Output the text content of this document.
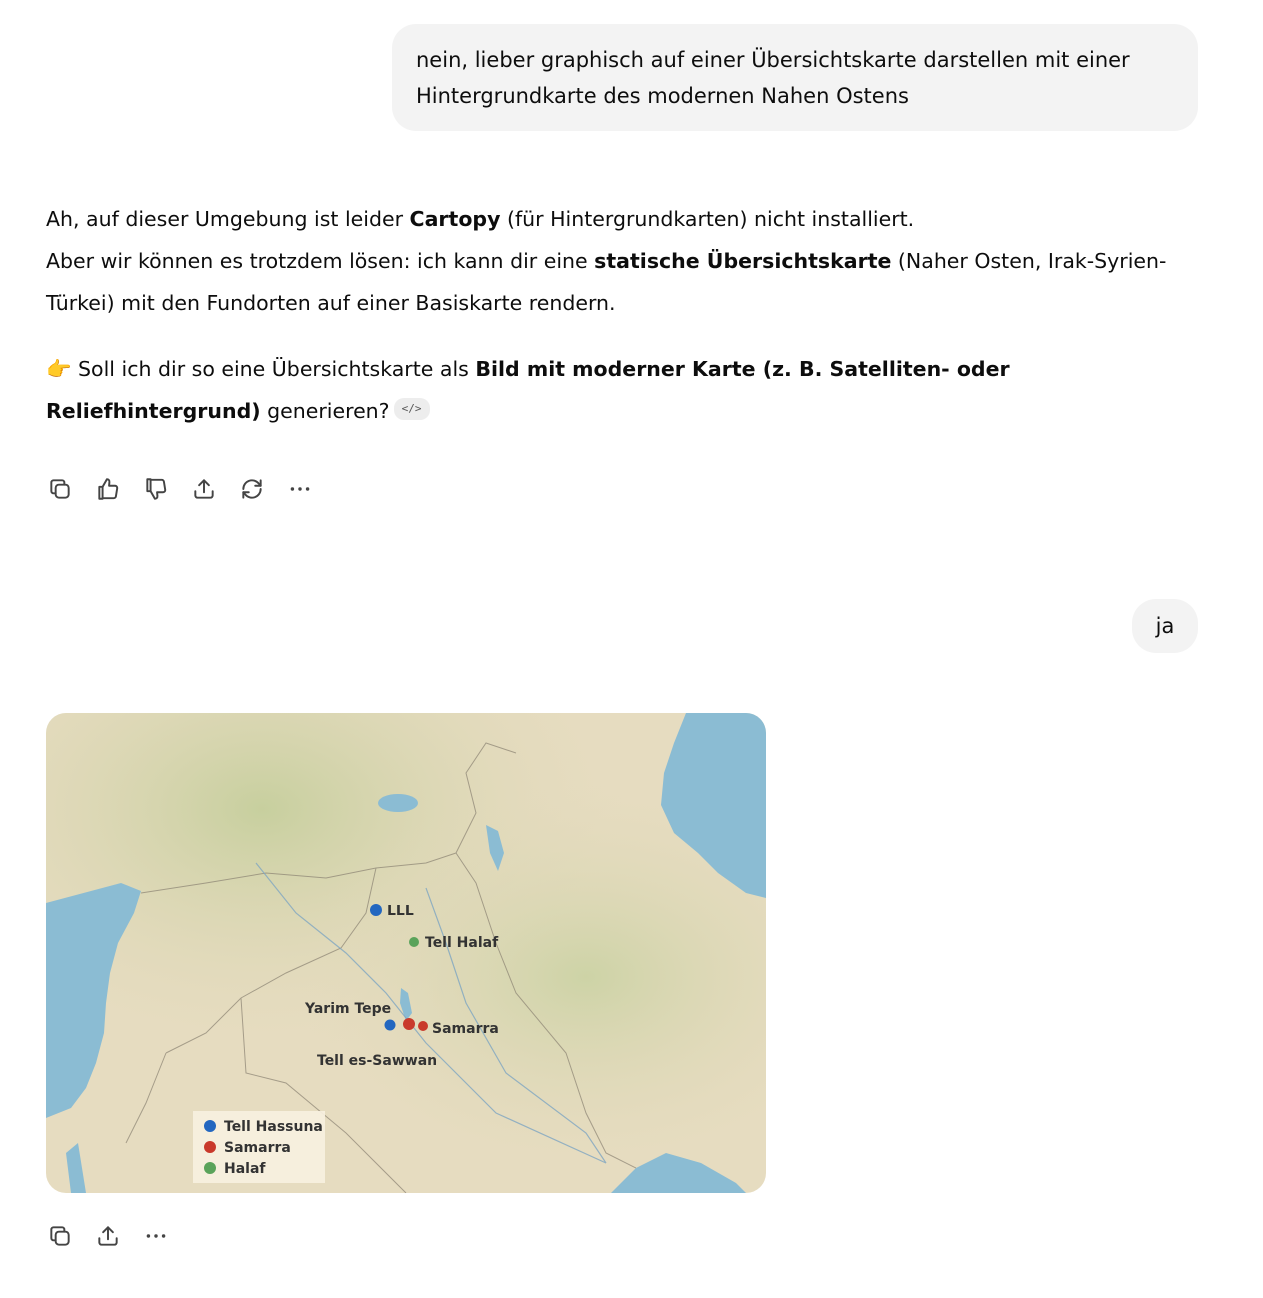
nein, lieber graphisch auf einer Übersichtskarte darstellen mit einer Hintergrundkarte des modernen Nahen Ostens

Ah, auf dieser Umgebung ist leider Cartopy (für Hintergrundkarten) nicht installiert.
Aber wir können es trotzdem lösen: ich kann dir eine statische Übersichtskarte (Naher Osten, Irak-Syrien-Türkei) mit den Fundorten auf einer Basiskarte rendern.

👉 Soll ich dir so eine Übersichtskarte als Bild mit moderner Karte (z. B. Satelliten- oder Reliefhintergrund) generieren? </>

ja
ꓡꓡꓡ
Tell Halaf
Yarim Tepe
Samarra
Tell es-Sawwan
Tell Hassuna
Samarra
Halaf
